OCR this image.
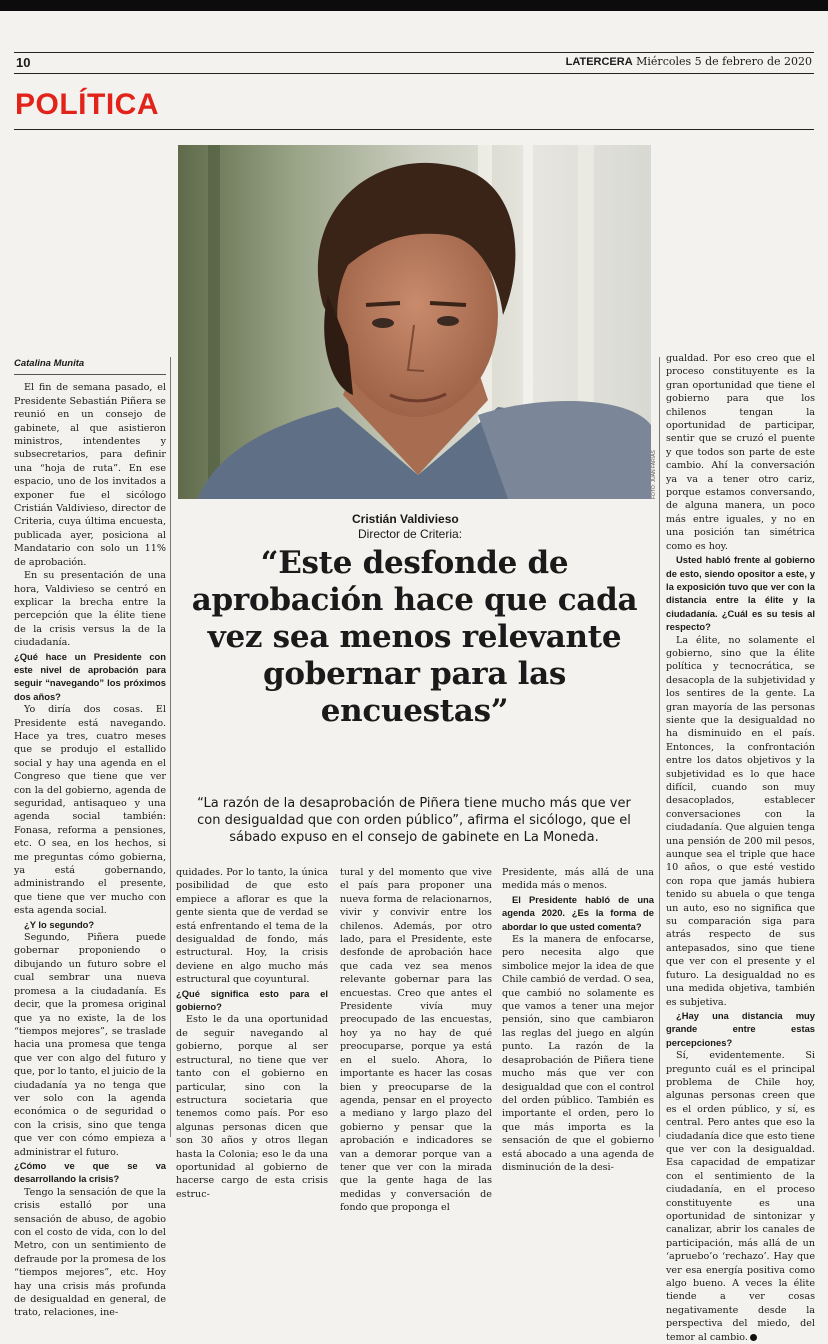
10	LATERCERA Miércoles 5 de febrero de 2020
POLÍTICA
FOTO: JUAN FARÍAS
Catalina Munita

El fin de semana pasado, el Presidente Sebastián Piñera se reunió en un consejo de gabinete, al que asistieron ministros, intendentes y subsecretarios, para definir una “hoja de ruta”. En ese espacio, uno de los invitados a exponer fue el sicólogo Cristián Valdivieso, director de Criteria, cuya última encuesta, publicada ayer, posiciona al Mandatario con solo un 11% de aprobación.

En su presentación de una hora, Valdivieso se centró en explicar la brecha entre la percepción que la élite tiene de la crisis versus la de la ciudadanía.

¿Qué hace un Presidente con este nivel de aprobación para seguir “navegando” los próximos dos años?

Yo diría dos cosas. El Presidente está navegando. Hace ya tres, cuatro meses que se produjo el estallido social y hay una agenda en el Congreso que tiene que ver con la del gobierno, agenda de seguridad, antisaqueo y una agenda social también: Fonasa, reforma a pensiones, etc. O sea, en los hechos, si me preguntas cómo gobierna, ya está gobernando, administrando el presente, que tiene que ver mucho con esta agenda social.

¿Y lo segundo?

Segundo, Piñera puede gobernar proponiendo o dibujando un futuro sobre el cual sembrar una nueva promesa a la ciudadanía. Es decir, que la promesa original que ya no existe, la de los “tiempos mejores”, se traslade hacia una promesa que tenga que ver con algo del futuro y que, por lo tanto, el juicio de la ciudadanía ya no tenga que ver solo con la agenda económica o de seguridad o con la crisis, sino que tenga que ver con cómo empieza a administrar el futuro.

¿Cómo ve que se va desarrollando la crisis?

Tengo la sensación de que la crisis estalló por una sensación de abuso, de agobio con el costo de vida, con lo del Metro, con un sentimiento de defraude por la promesa de los “tiempos mejores”, etc. Hoy hay una crisis más profunda de desigualdad en general, de trato, relaciones, ine-

Cristián Valdivieso
Director de Criteria:
“Este desfonde de aprobación hace que cada vez sea menos relevante gobernar para las encuestas”
“La razón de la desaprobación de Piñera tiene mucho más que ver con desigualdad que con orden público”, afirma el sicólogo, que el sábado expuso en el consejo de gabinete en La Moneda.

quidades. Por lo tanto, la única posibilidad de que esto empiece a aflorar es que la gente sienta que de verdad se está enfrentando el tema de la desigualdad de fondo, más estructural. Hoy, la crisis deviene en algo mucho más estructural que coyuntural.

¿Qué significa esto para el gobierno?

Esto le da una oportunidad de seguir navegando al gobierno, porque al ser estructural, no tiene que ver tanto con el gobierno en particular, sino con la estructura societaria que tenemos como país. Por eso algunas personas dicen que son 30 años y otros llegan hasta la Colonia; eso le da una oportunidad al gobierno de hacerse cargo de esta crisis estruc-

tural y del momento que vive el país para proponer una nueva forma de relacionarnos, vivir y convivir entre los chilenos. Además, por otro lado, para el Presidente, este desfonde de aprobación hace que cada vez sea menos relevante gobernar para las encuestas. Creo que antes el Presidente vivía muy preocupado de las encuestas, hoy ya no hay de qué preocuparse, porque ya está en el suelo. Ahora, lo importante es hacer las cosas bien y preocuparse de la agenda, pensar en el proyecto a mediano y largo plazo del gobierno y pensar que la aprobación e indicadores se van a demorar porque van a tener que ver con la mirada que la gente haga de las medidas y conversación de fondo que proponga el

Presidente, más allá de una medida más o menos.

El Presidente habló de una agenda 2020. ¿Es la forma de abordar lo que usted comenta?

Es la manera de enfocarse, pero necesita algo que simbolice mejor la idea de que Chile cambió de verdad. O sea, que cambió no solamente es que vamos a tener una mejor pensión, sino que cambiaron las reglas del juego en algún punto. La razón de la desaprobación de Piñera tiene mucho más que ver con desigualdad que con el control del orden público. También es importante el orden, pero lo que más importa es la sensación de que el gobierno está abocado a una agenda de disminución de la desi-

gualdad. Por eso creo que el proceso constituyente es la gran oportunidad que tiene el gobierno para que los chilenos tengan la oportunidad de participar, sentir que se cruzó el puente y que todos son parte de este cambio. Ahí la conversación ya va a tener otro cariz, porque estamos conversando, de alguna manera, un poco más entre iguales, y no en una posición tan simétrica como es hoy.

Usted habló frente al gobierno de esto, siendo opositor a este, y la exposición tuvo que ver con la distancia entre la élite y la ciudadanía. ¿Cuál es su tesis al respecto?

La élite, no solamente el gobierno, sino que la élite política y tecnocrática, se desacopla de la subjetividad y los sentires de la gente. La gran mayoría de las personas siente que la desigualdad no ha disminuido en el país. Entonces, la confrontación entre los datos objetivos y la subjetividad es lo que hace difícil, cuando son muy desacoplados, establecer conversaciones con la ciudadanía. Que alguien tenga una pensión de 200 mil pesos, aunque sea el triple que hace 10 años, o que esté vestido con ropa que jamás hubiera tenido su abuela o que tenga un auto, eso no significa que su comparación siga para atrás respecto de sus antepasados, sino que tiene que ver con el presente y el futuro. La desigualdad no es una medida objetiva, también es subjetiva.

¿Hay una distancia muy grande entre estas percepciones?

Sí, evidentemente. Si pregunto cuál es el principal problema de Chile hoy, algunas personas creen que es el orden público, y sí, es central. Pero antes que eso la ciudadanía dice que esto tiene que ver con la desigualdad. Esa capacidad de empatizar con el sentimiento de la ciudadanía, en el proceso constituyente es una oportunidad de sintonizar y canalizar, abrir los canales de participación, más allá de un ‘apruebo’o ‘rechazo’. Hay que ver esa energía positiva como algo bueno. A veces la élite tiende a ver cosas negativamente desde la perspectiva del miedo, del temor al cambio.
